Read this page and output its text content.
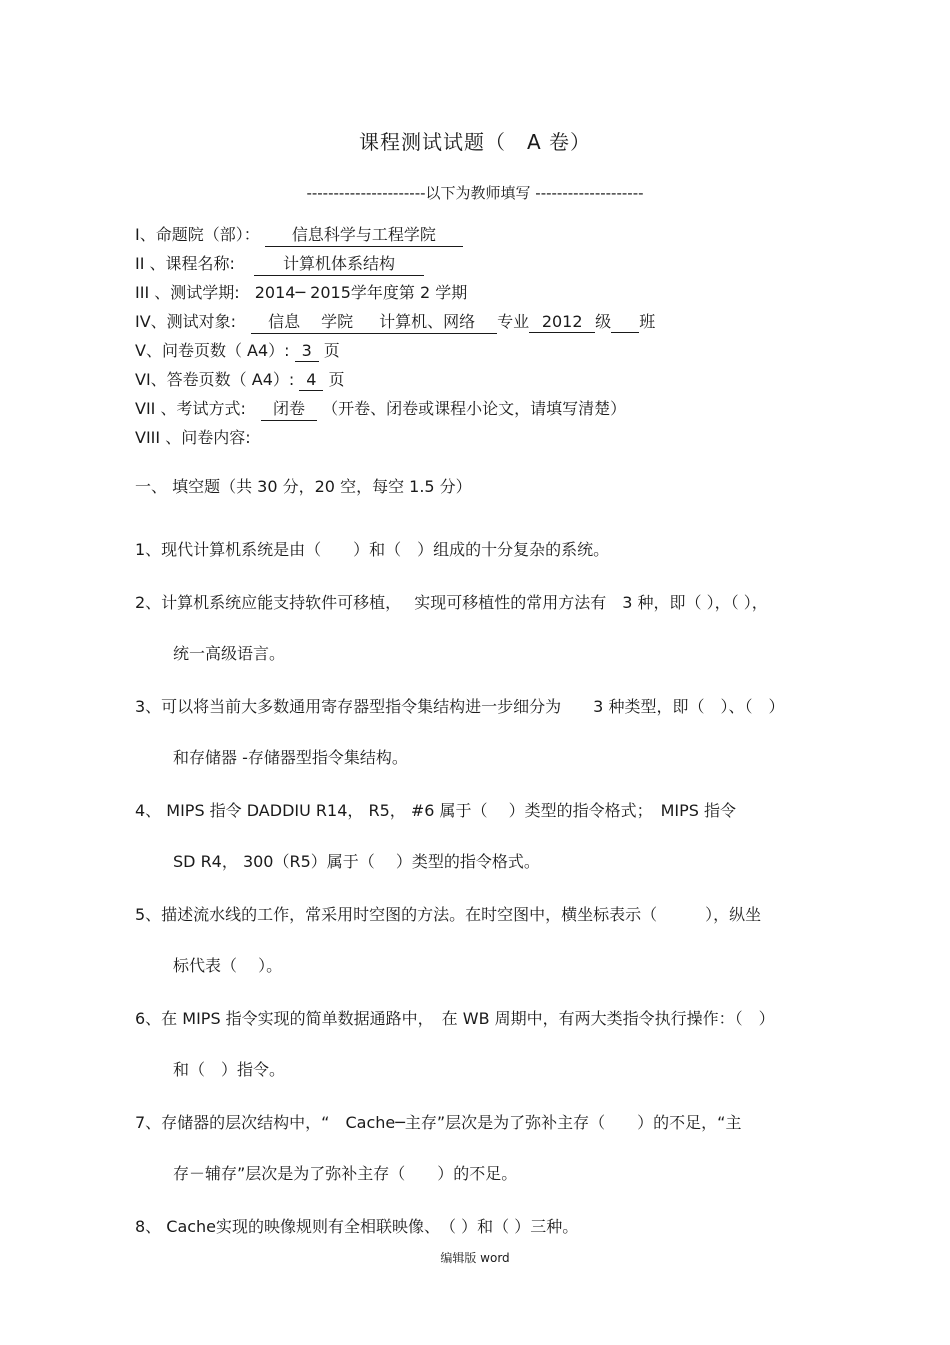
课程测试试题（　A 卷）
----------------------以下为教师填写 --------------------
I、命题院（部）： 信息科学与工程学院
II 、课程名称:	计算机体系结构
III 、测试学期: 2014─ 2015学年度第 2 学期
IV、测试对象: 信息 学院 计算机、网络 专业 2012 级 班
V、问卷页数（ A4）: 3 页
VI、答卷页数（ A4）: 4 页
VII 、考试方式: 闭卷 （开卷、闭卷或课程小论文，请填写清楚）
VIII 、问卷内容:
一、 填空题（共 30 分，20 空，每空 1.5 分）
1、现代计算机系统是由（　　）和（　）组成的十分复杂的系统。
2、计算机系统应能支持软件可移植，　 实现可移植性的常用方法有　3 种，即（ ），（ ），
统一高级语言。
3、可以将当前大多数通用寄存器型指令集结构进一步细分为　　3 种类型，即（　）、（　）
和存储器 -存储器型指令集结构。
4、 MIPS 指令 DADDIU R14， R5， #6 属于（　 ）类型的指令格式；　MIPS 指令
SD R4， 300（R5）属于（　 ）类型的指令格式。
5、描述流水线的工作，常采用时空图的方法。在时空图中，横坐标表示（　　　），纵坐
标代表（　 ）。
6、在 MIPS 指令实现的简单数据通路中，　在 WB 周期中，有两大类指令执行操作：（　）
和（　）指令。
7、存储器的层次结构中，“　Cache─主存”层次是为了弥补主存（　　）的不足，“主
存－辅存”层次是为了弥补主存（　　）的不足。
8、 Cache实现的映像规则有全相联映像、　（ ）和（ ）三种。
编辑版 word
